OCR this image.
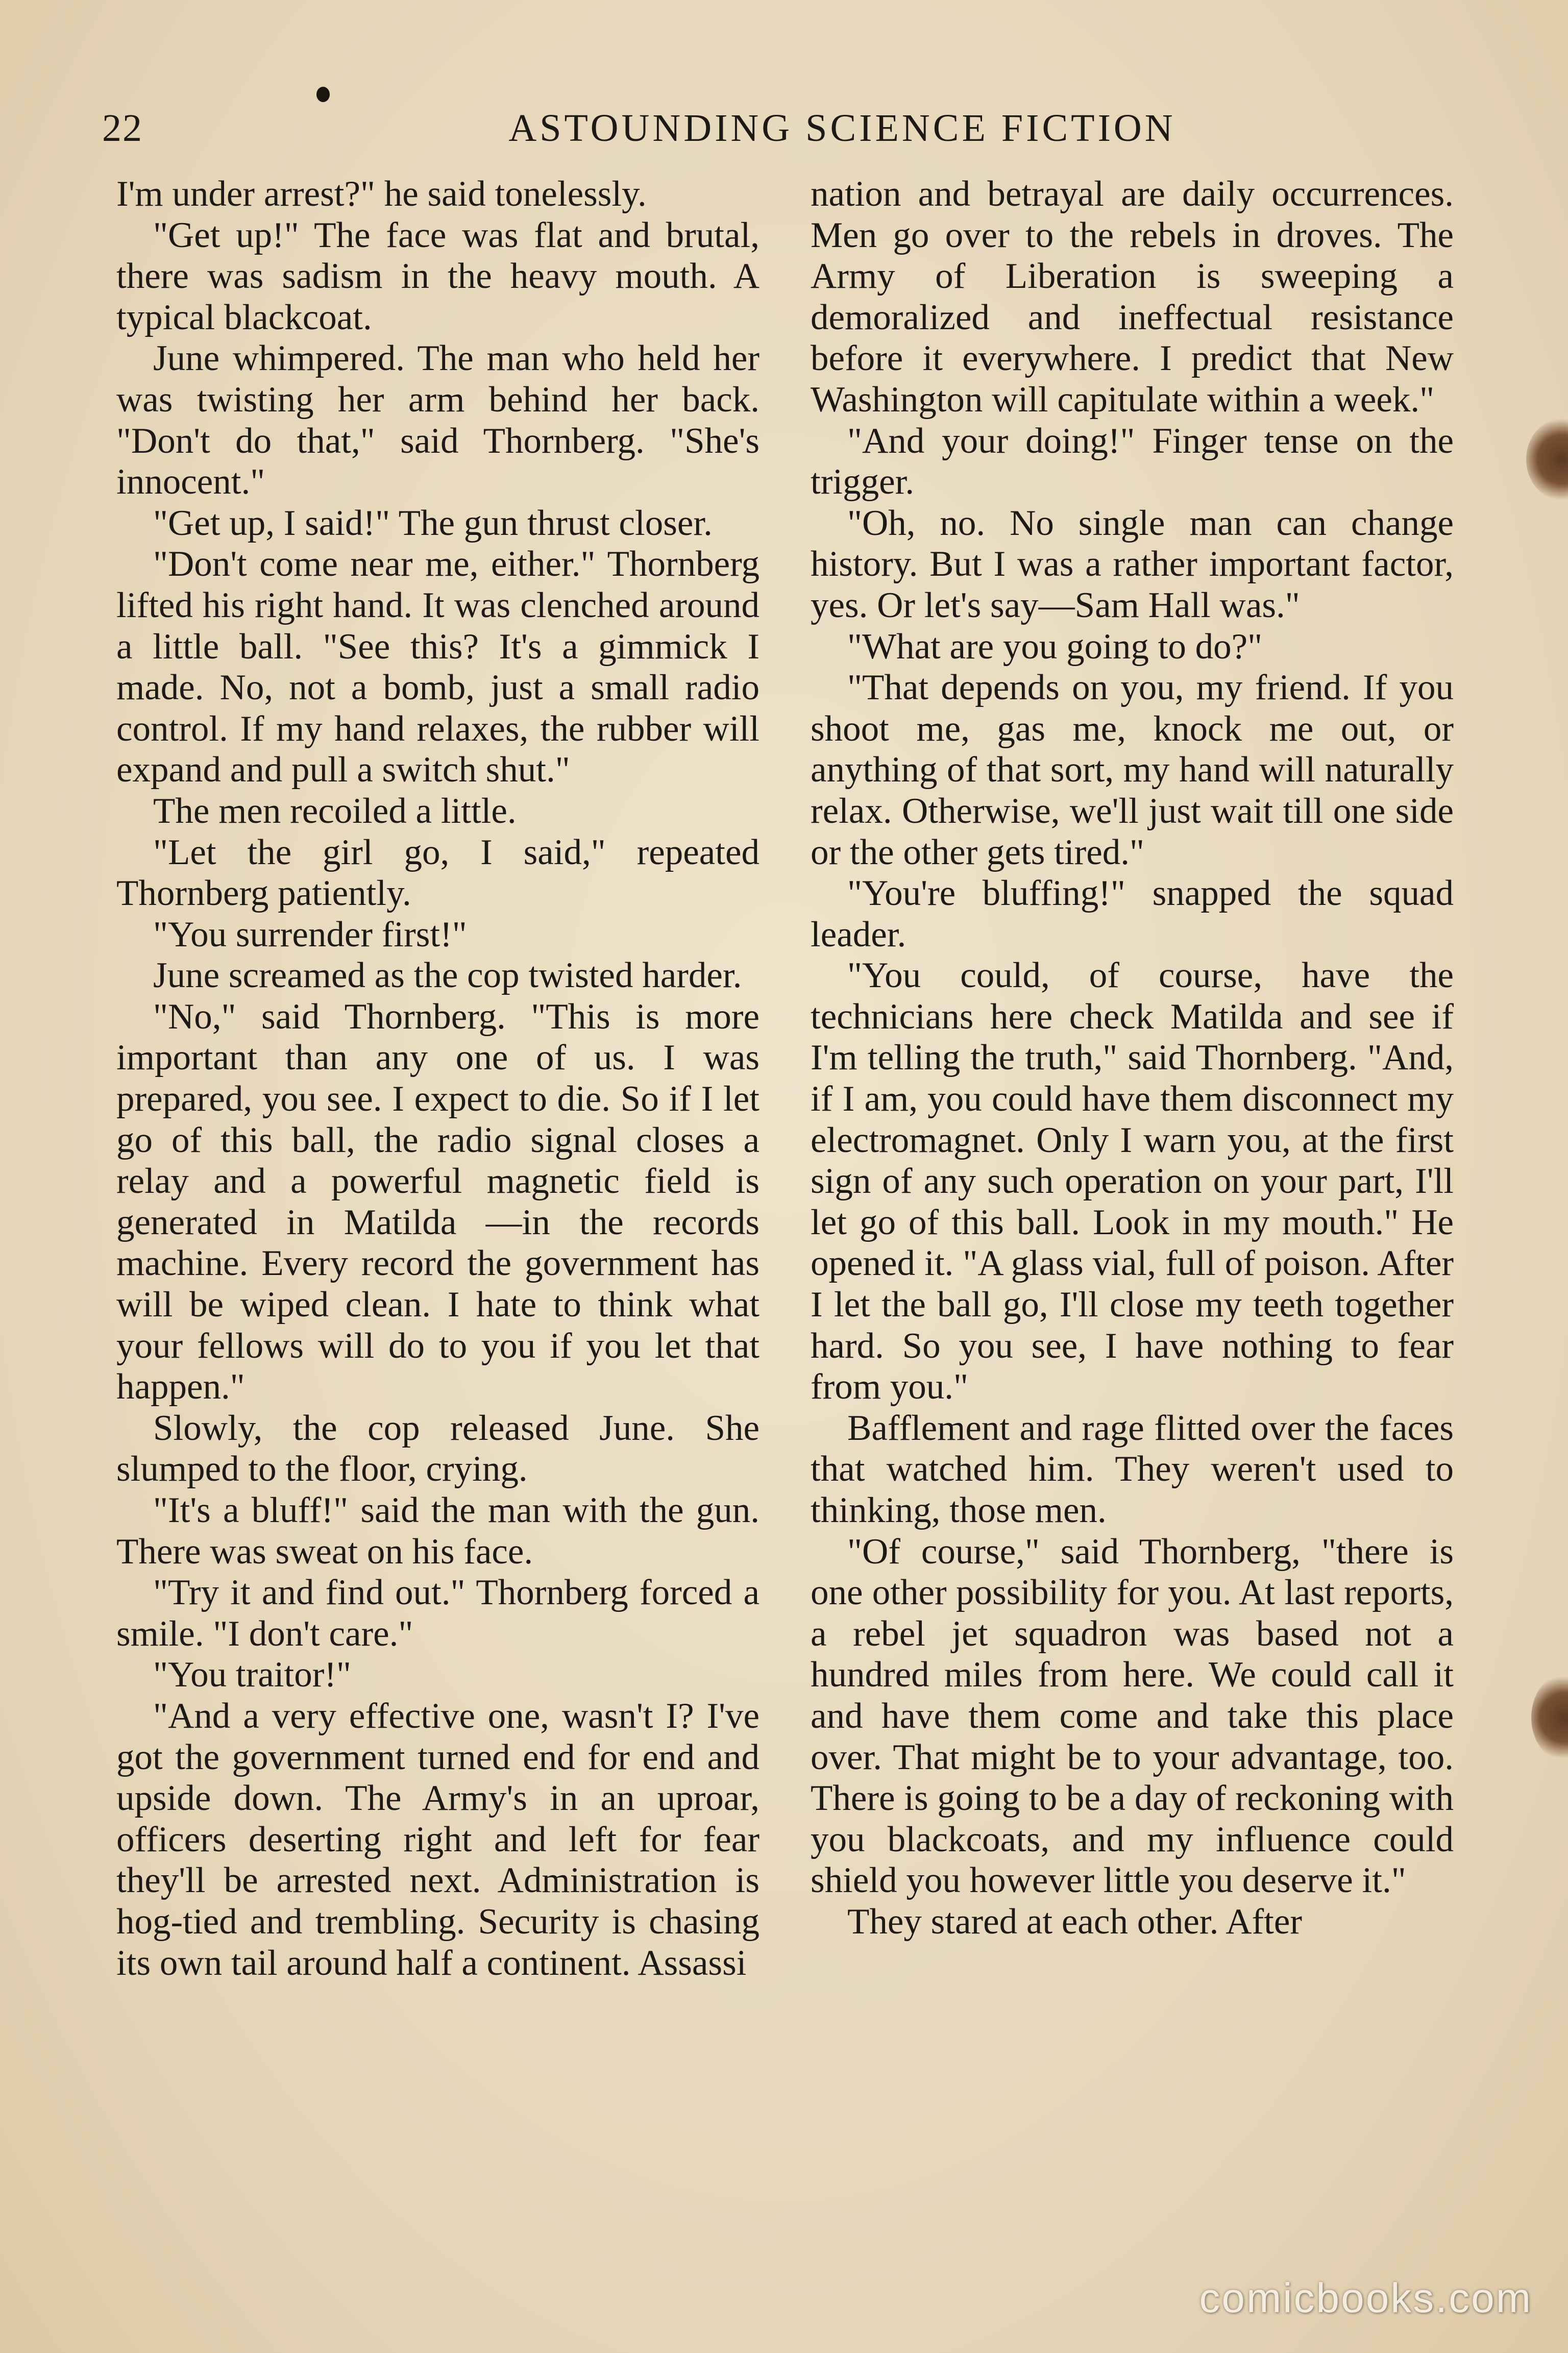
22	ASTOUNDING SCIENCE FICTION

I'm under arrest?" he said tonelessly.

"Get up!" The face was flat and brutal, there was sadism in the heavy mouth. A typical blackcoat.

June whimpered. The man who held her was twisting her arm behind her back. "Don't do that," said Thornberg. "She's innocent."

"Get up, I said!" The gun thrust closer.

"Don't come near me, either." Thornberg lifted his right hand. It was clenched around a little ball. "See this? It's a gimmick I made. No, not a bomb, just a small radio control. If my hand relaxes, the rubber will expand and pull a switch shut."

The men recoiled a little.

"Let the girl go, I said," repeated Thornberg patiently.

"You surrender first!"

June screamed as the cop twisted harder.

"No," said Thornberg. "This is more important than any one of us. I was prepared, you see. I expect to die. So if I let go of this ball, the radio signal closes a relay and a powerful magnetic field is generated in Matilda —in the records machine. Every record the government has will be wiped clean. I hate to think what your fellows will do to you if you let that happen."

Slowly, the cop released June. She slumped to the floor, crying.

"It's a bluff!" said the man with the gun. There was sweat on his face.

"Try it and find out." Thornberg forced a smile. "I don't care."

"You traitor!"

"And a very effective one, wasn't I? I've got the government turned end for end and upside down. The Army's in an uproar, officers deserting right and left for fear they'll be arrested next. Administration is hog-tied and trembling. Security is chasing its own tail around half a continent. Assassi

nation and betrayal are daily occurrences. Men go over to the rebels in droves. The Army of Liberation is sweeping a demoralized and ineffectual resistance before it everywhere. I predict that New Washington will capitulate within a week."

"And your doing!" Finger tense on the trigger.

"Oh, no. No single man can change history. But I was a rather important factor, yes. Or let's say—Sam Hall was."

"What are you going to do?"

"That depends on you, my friend. If you shoot me, gas me, knock me out, or anything of that sort, my hand will naturally relax. Otherwise, we'll just wait till one side or the other gets tired."

"You're bluffing!" snapped the squad leader.

"You could, of course, have the technicians here check Matilda and see if I'm telling the truth," said Thornberg. "And, if I am, you could have them disconnect my electromagnet. Only I warn you, at the first sign of any such operation on your part, I'll let go of this ball. Look in my mouth." He opened it. "A glass vial, full of poison. After I let the ball go, I'll close my teeth together hard. So you see, I have nothing to fear from you."

Bafflement and rage flitted over the faces that watched him. They weren't used to thinking, those men.

"Of course," said Thornberg, "there is one other possibility for you. At last reports, a rebel jet squadron was based not a hundred miles from here. We could call it and have them come and take this place over. That might be to your advantage, too. There is going to be a day of reckoning with you blackcoats, and my influence could shield you however little you deserve it."

They stared at each other. After

comicbooks.com
